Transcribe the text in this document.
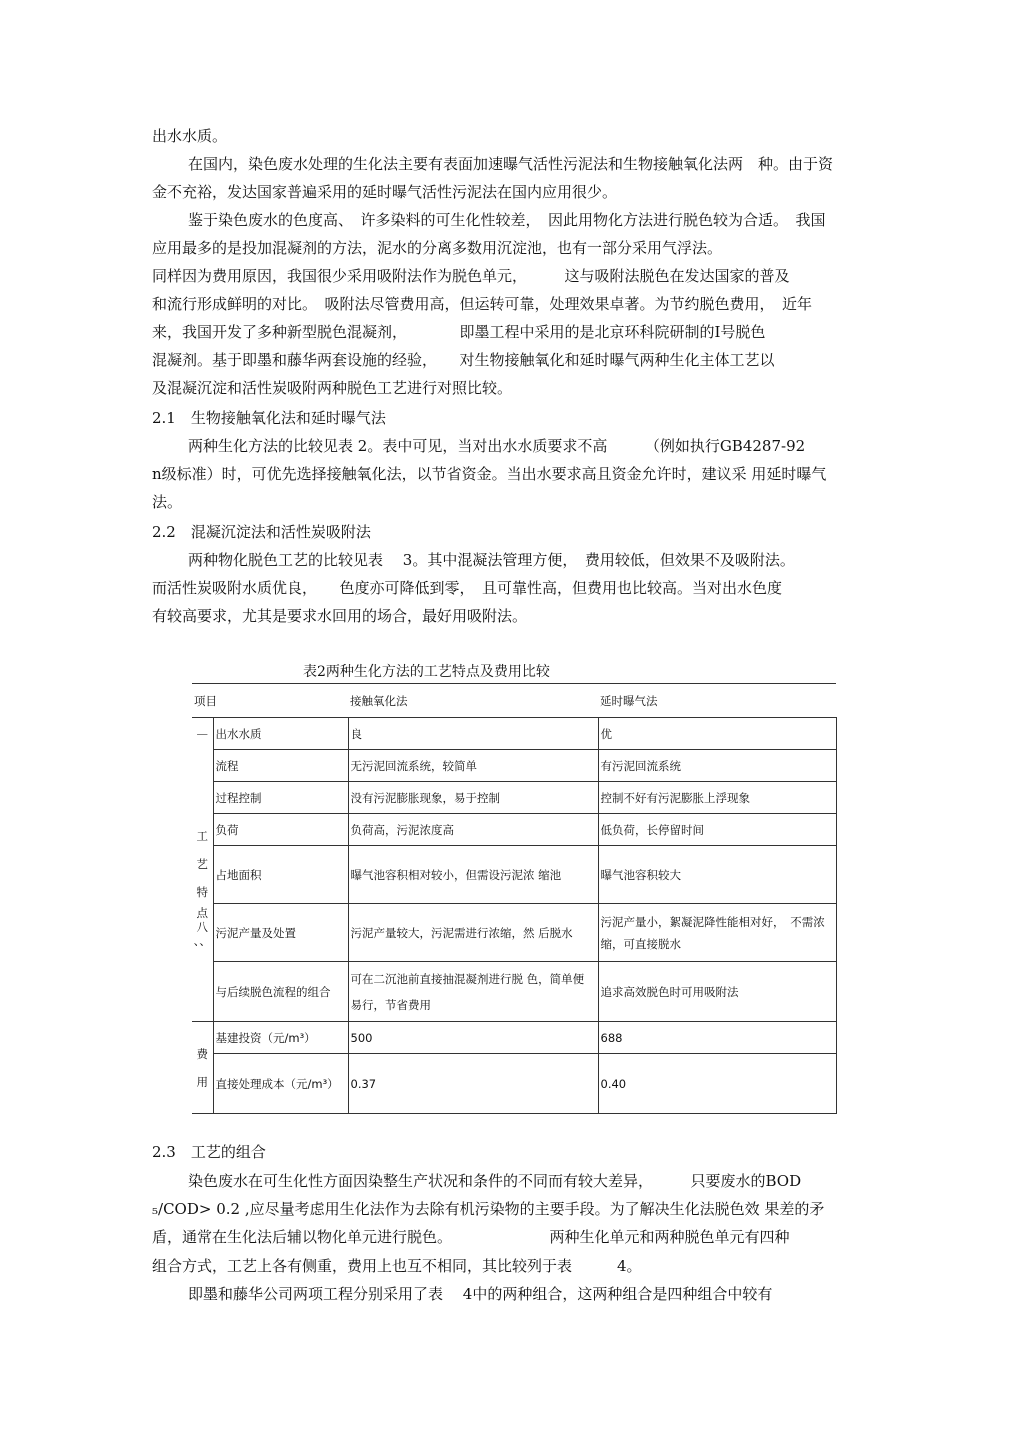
出水水质。
在国内，染色废水处理的生化法主要有表面加速曝气活性污泥法和生物接触氧化法两　种。由于资
金不充裕，发达国家普遍采用的延时曝气活性污泥法在国内应用很少。
鉴于染色废水的色度高、　许多染料的可生化性较差，　因此用物化方法进行脱色较为合适。　我国
应用最多的是投加混凝剂的方法，泥水的分离多数用沉淀池，也有一部分采用气浮法。
同样因为费用原因，我国很少采用吸附法作为脱色单元，　　　这与吸附法脱色在发达国家的普及
和流行形成鲜明的对比。　吸附法尽管费用高，但运转可靠，处理效果卓著。为节约脱色费用，　近年
来，我国开发了多种新型脱色混凝剂，　　　　即墨工程中采用的是北京环科院研制的I号脱色
混凝剂。基于即墨和藤华两套设施的经验，　　对生物接触氧化和延时曝气两种生化主体工艺以
及混凝沉淀和活性炭吸附两种脱色工艺进行对照比较。
2.1　生物接触氧化法和延时曝气法
两种生化方法的比较见表 2。表中可见，当对出水水质要求不高　　　（例如执行GB4287-92
n级标准）时，可优先选择接触氧化法，以节省资金。当出水要求高且资金允许时，建议采 用延时曝气
法。
2.2　混凝沉淀法和活性炭吸附法
两种物化脱色工艺的比较见表　 3。其中混凝法管理方便，　费用较低，但效果不及吸附法。
而活性炭吸附水质优良，　　色度亦可降低到零，　且可靠性高，但费用也比较高。当对出水色度
有较高要求，尤其是要求水回用的场合，最好用吸附法。
表2两种生化方法的工艺特点及费用比较
项目		接触氧化法	延时曝气法
—	出水水质	良	优

工
艺
特
点八
、、	流程	无污泥回流系统，较简单	有污泥回流系统
	过程控制	没有污泥膨胀现象，易于控制	控制不好有污泥膨胀上浮现象
	负荷	负荷高，污泥浓度高	低负荷，长停留时间
	占地面积	曝气池容积相对较小，但需设污泥浓 缩池	曝气池容积较大
	污泥产量及处置	污泥产量较大，污泥需进行浓缩，然 后脱水	污泥产量小，絮凝泥降性能相对好，　不需浓缩，可直接脱水
	与后续脱色流程的组合	可在二沉池前直接抽混凝剂进行脱 色，简单便易行，节省费用	追求高效脱色时可用吸附法

费
用	基建投资（元/m³）	500	688
	直接处理成本（元/m³）	0.37	0.40
2.3　工艺的组合
染色废水在可生化性方面因染整生产状况和条件的不同而有较大差异，　　　只要废水的BOD
₅/COD> 0.2 ,应尽量考虑用生化法作为去除有机污染物的主要手段。为了解决生化法脱色效 果差的矛
盾，通常在生化法后辅以物化单元进行脱色。　　　　　　　两种生化单元和两种脱色单元有四种
组合方式，工艺上各有侧重，费用上也互不相同，其比较列于表　　　4。
即墨和藤华公司两项工程分别采用了表　 4中的两种组合，这两种组合是四种组合中较有
